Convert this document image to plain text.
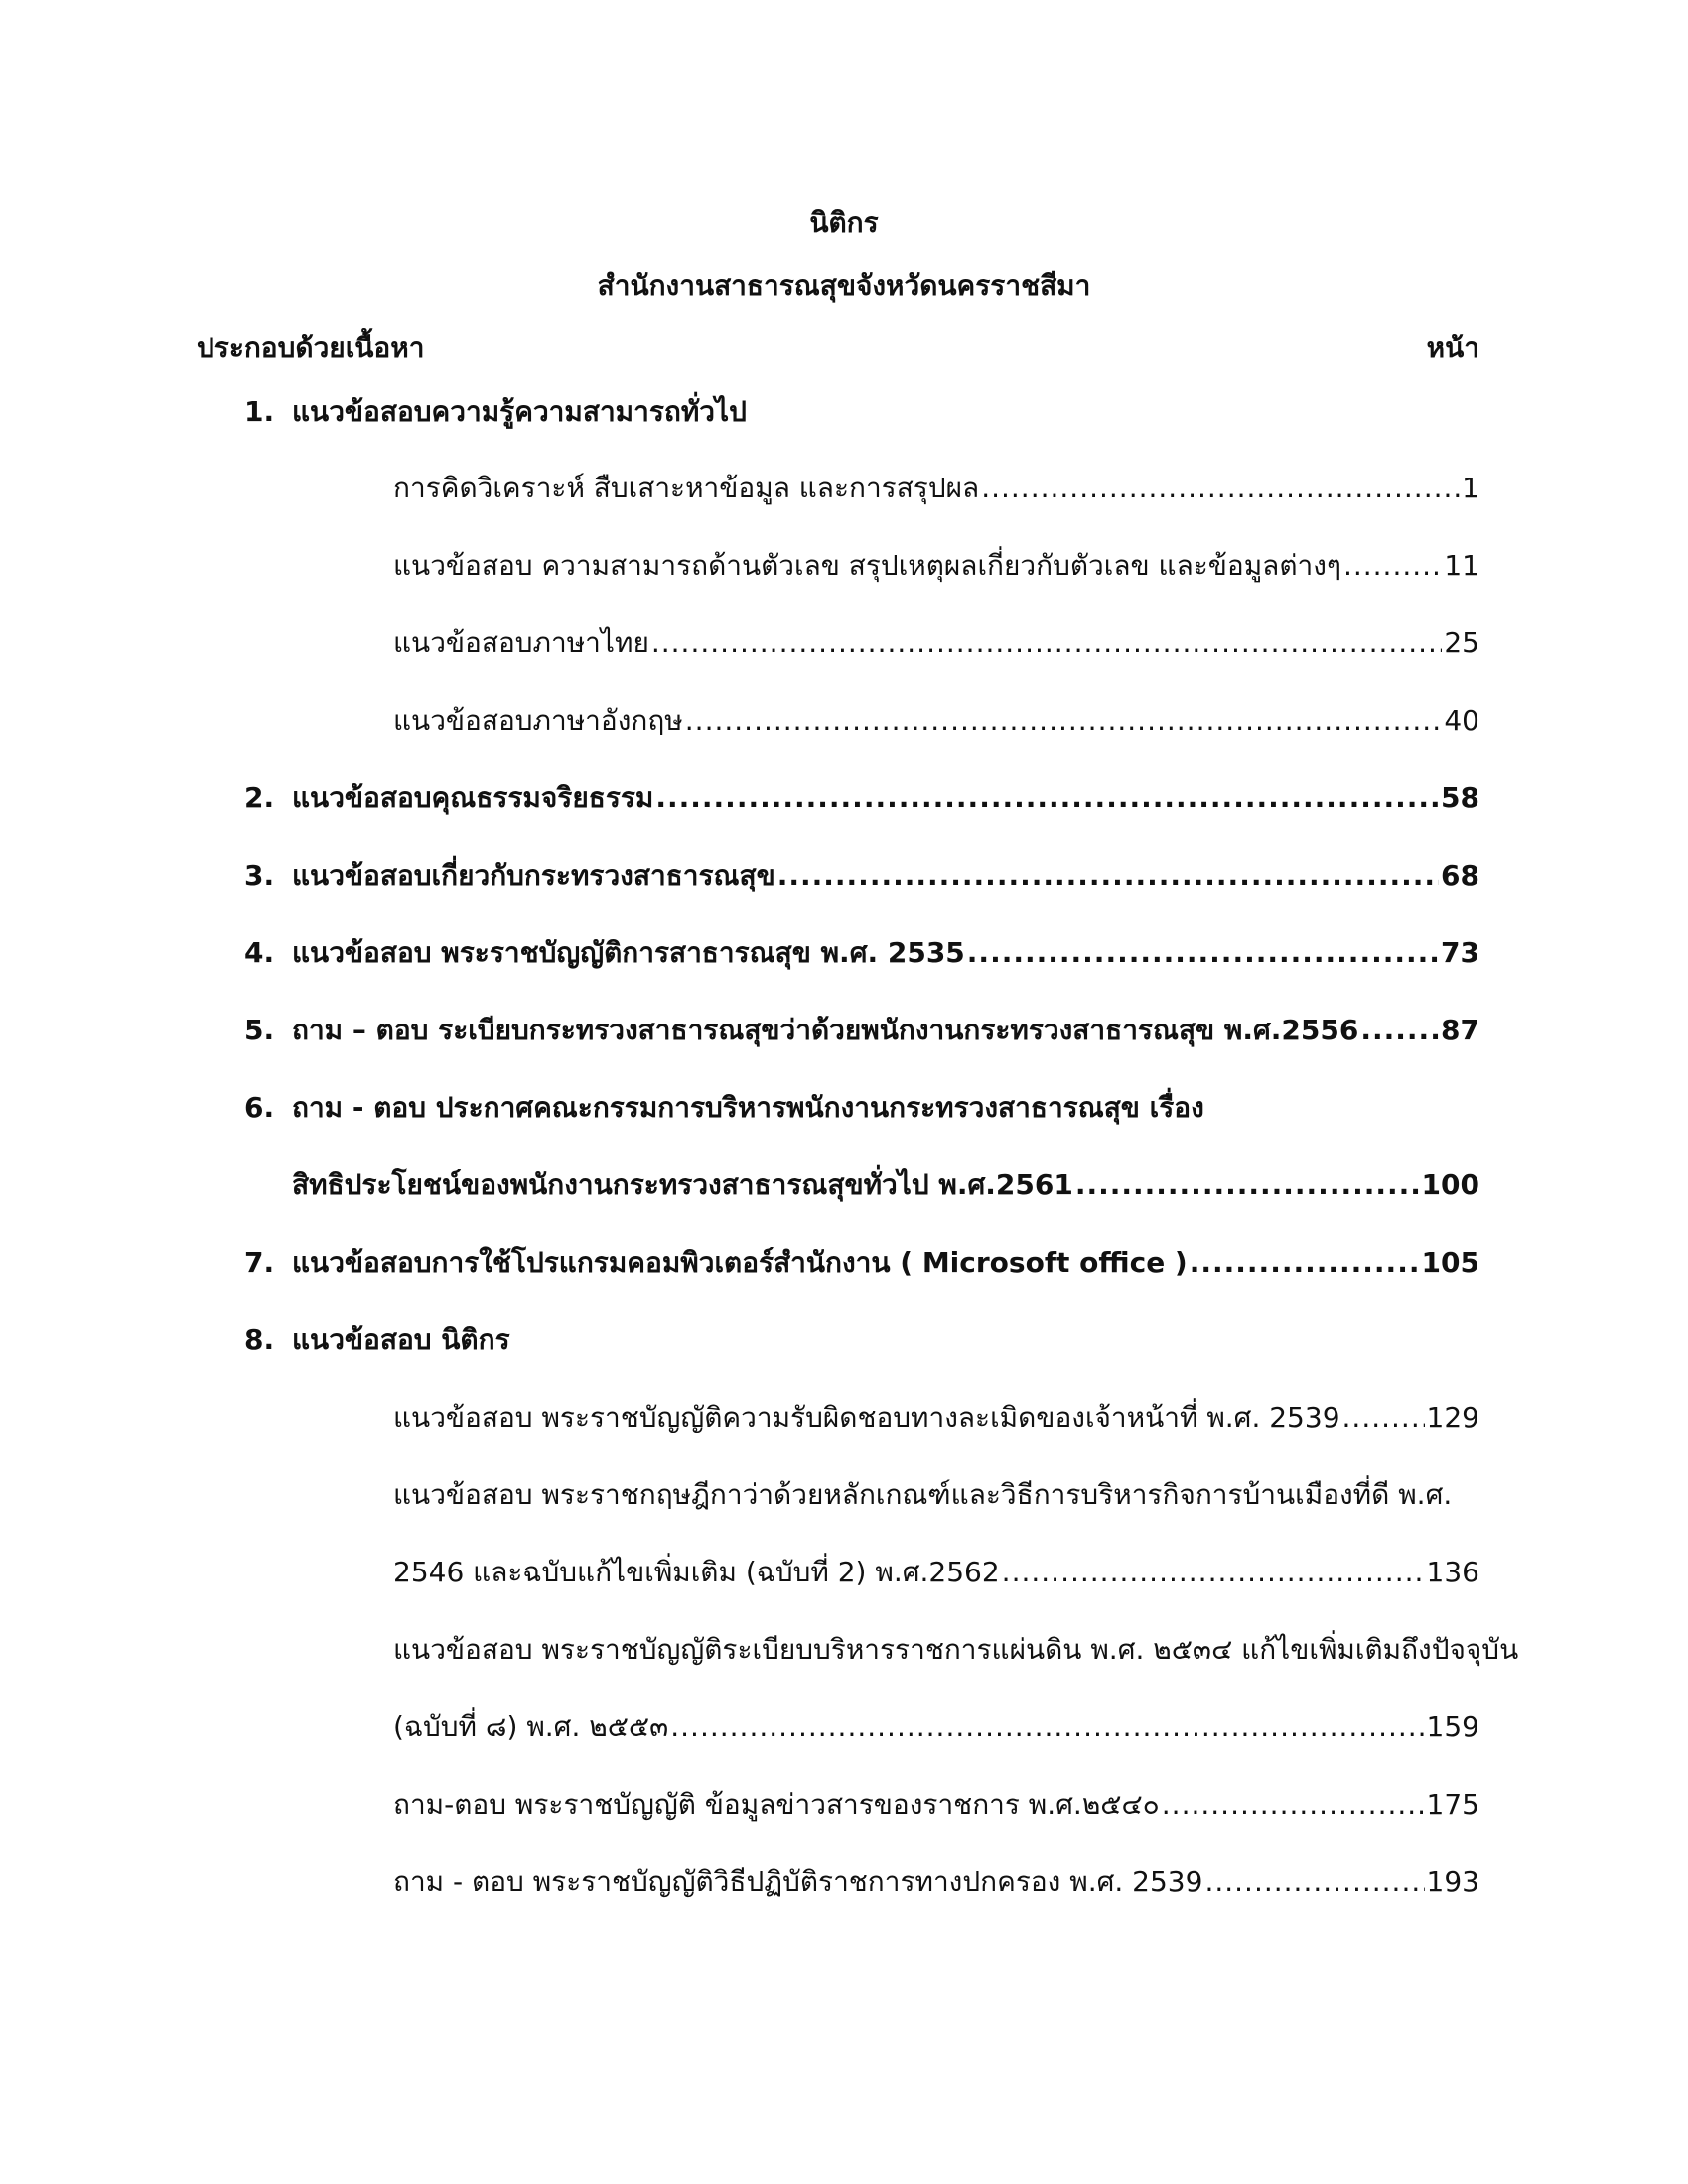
นิติกร
สำนักงานสาธารณสุขจังหวัดนครราชสีมา
ประกอบด้วยเนื้อหา	หน้า
1. แนวข้อสอบความรู้ความสามารถทั่วไป
การคิดวิเคราะห์ สืบเสาะหาข้อมูล และการสรุปผล .....	1
แนวข้อสอบ ความสามารถด้านตัวเลข สรุปเหตุผลเกี่ยวกับตัวเลข และข้อมูลต่างๆ .....	11
แนวข้อสอบภาษาไทย .....	25
แนวข้อสอบภาษาอังกฤษ .....	40
2. แนวข้อสอบคุณธรรมจริยธรรม .....	58
3. แนวข้อสอบเกี่ยวกับกระทรวงสาธารณสุข .....	68
4. แนวข้อสอบ พระราชบัญญัติการสาธารณสุข พ.ศ. 2535 .....	73
5. ถาม – ตอบ ระเบียบกระทรวงสาธารณสุขว่าด้วยพนักงานกระทรวงสาธารณสุข พ.ศ.2556 .....	87
6. ถาม - ตอบ ประกาศคณะกรรมการบริหารพนักงานกระทรวงสาธารณสุข เรื่อง
สิทธิประโยชน์ของพนักงานกระทรวงสาธารณสุขทั่วไป พ.ศ.2561 .....	100
7. แนวข้อสอบการใช้โปรแกรมคอมพิวเตอร์สำนักงาน ( Microsoft office ) .....	105
8. แนวข้อสอบ นิติกร
แนวข้อสอบ พระราชบัญญัติความรับผิดชอบทางละเมิดของเจ้าหน้าที่ พ.ศ. 2539 .....	129
แนวข้อสอบ พระราชกฤษฎีกาว่าด้วยหลักเกณฑ์และวิธีการบริหารกิจการบ้านเมืองที่ดี พ.ศ.
2546 และฉบับแก้ไขเพิ่มเติม (ฉบับที่ 2) พ.ศ.2562 .....	136
แนวข้อสอบ พระราชบัญญัติระเบียบบริหารราชการแผ่นดิน พ.ศ. ๒๕๓๔ แก้ไขเพิ่มเติมถึงปัจจุบัน
(ฉบับที่ ๘) พ.ศ. ๒๕๕๓ .....	159
ถาม-ตอบ พระราชบัญญัติ ข้อมูลข่าวสารของราชการ พ.ศ.๒๕๔๐ .....	175
ถาม - ตอบ พระราชบัญญัติวิธีปฏิบัติราชการทางปกครอง พ.ศ. 2539 .....	193
